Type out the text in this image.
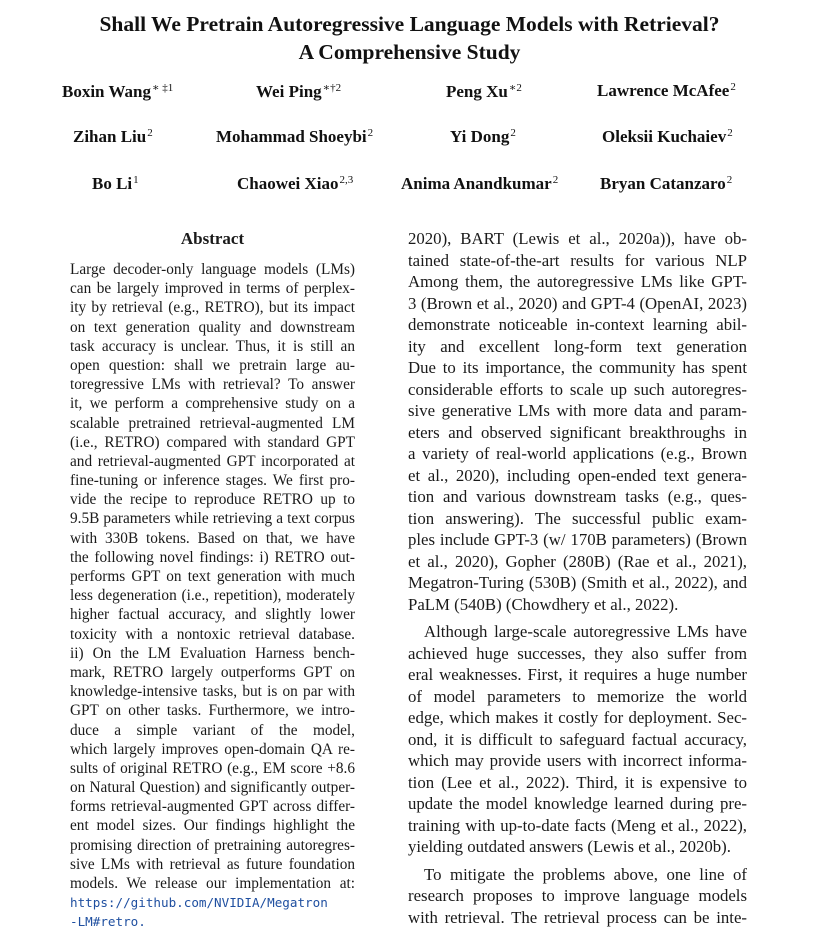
Shall We Pretrain Autoregressive Language Models with Retrieval?
A Comprehensive Study
Boxin Wang$^{∗ \ddagger 1}$	Wei Ping$^{∗\dagger 2}$	Peng $Xu^{∗2}$	Lawrence McAfee$^2$
Zihan Liu$^2$	Mohammad Shoeybi$^2$	Yi Dong$^2$	Oleksii Kuchaiev$^2$
Bo Li$^1$	Chaowei Xiao$^{2,3}$	Anima Anandkumar$^2$ Bryan Catanzaro$^2$
Abstract
Large decoder-only language models (LMs)
can be largely improved in terms of perplex-
ity by retrieval (e.g., RETRO), but its impact
on text generation quality and downstream
task accuracy is unclear. Thus, it is still an
open question: shall we pretrain large au-
toregressive LMs with retrieval? To answer
it, we perform a comprehensive study on a
scalable pretrained retrieval-augmented LM
(i.e., RETRO) compared with standard GPT
and retrieval-augmented GPT incorporated at
fine-tuning or inference stages. We first pro-
vide the recipe to reproduce RETRO up to
9.5B parameters while retrieving a text corpus
with 330B tokens. Based on that, we have
the following novel findings: i) RETRO out-
performs GPT on text generation with much
less degeneration (i.e., repetition), moderately
higher factual accuracy, and slightly lower
toxicity with a nontoxic retrieval database.
ii) On the LM Evaluation Harness bench-
mark, RETRO largely outperforms GPT on
knowledge-intensive tasks, but is on par with
GPT on other tasks. Furthermore, we intro-
duce a simple variant of the model,
which largely improves open-domain QA re-
sults of original RETRO (e.g., EM score +8.6
on Natural Question) and significantly outper-
forms retrieval-augmented GPT across differ-
ent model sizes. Our findings highlight the
promising direction of pretraining autoregres-
sive LMs with retrieval as future foundation
models. We release our implementation at:
https://github.com/NVIDIA/Megatron
-LM#retro.
2020), BART (Lewis et al., 2020a)), have ob-
tained state-of-the-art results for various NLP
Among them, the autoregressive LMs like GPT-
3 (Brown et al., 2020) and GPT-4 (OpenAI, 2023)
demonstrate noticeable in-context learning abil-
ity and excellent long-form text generation
Due to its importance, the community has spent
considerable efforts to scale up such autoregres-
sive generative LMs with more data and param-
eters and observed significant breakthroughs in
a variety of real-world applications (e.g., Brown
et al., 2020), including open-ended text genera-
tion and various downstream tasks (e.g., ques-
tion answering). The successful public exam-
ples include GPT-3 (w/ 170B parameters) (Brown
et al., 2020), Gopher (280B) (Rae et al., 2021),
Megatron-Turing (530B) (Smith et al., 2022), and
PaLM (540B) (Chowdhery et al., 2022).
Although large-scale autoregressive LMs have
achieved huge successes, they also suffer from
eral weaknesses. First, it requires a huge number
of model parameters to memorize the world
edge, which makes it costly for deployment. Sec-
ond, it is difficult to safeguard factual accuracy,
which may provide users with incorrect informa-
tion (Lee et al., 2022). Third, it is expensive to
update the model knowledge learned during pre-
training with up-to-date facts (Meng et al., 2022),
yielding outdated answers (Lewis et al., 2020b).
To mitigate the problems above, one line of
research proposes to improve language models
with retrieval. The retrieval process can be inte-
